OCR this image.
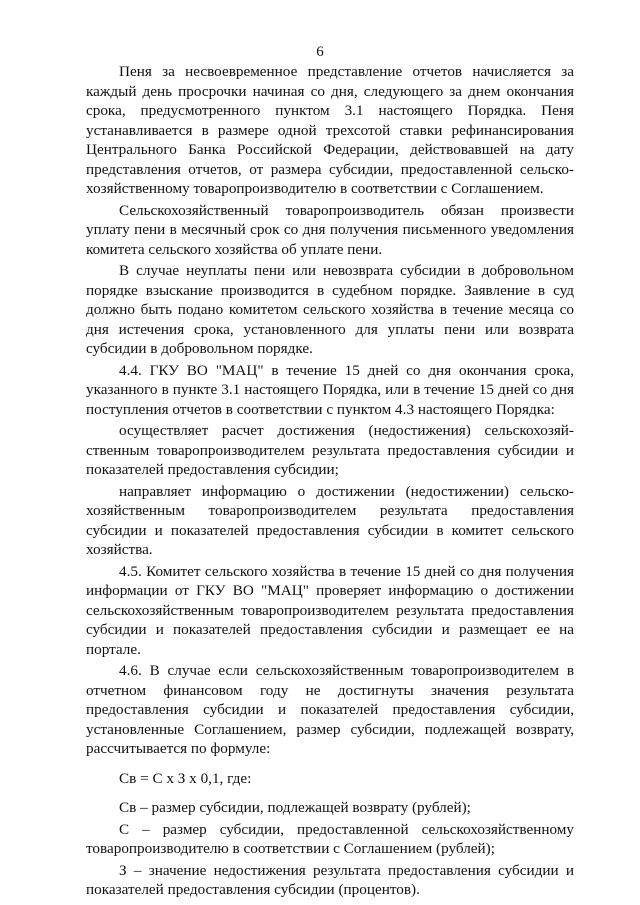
6

Пеня за несвоевременное представление отчетов начисляется за каждый день просрочки начиная со дня, следующего за днем окончания срока, предусмотренного пунктом 3.1 настоящего Порядка. Пеня устанавливается в размере одной трехсотой ставки рефинансирования Центрального Банка Российской Федерации, действовавшей на дату представления отчетов, от размера субсидии, предоставленной сельско-хозяйственному товаропроизводителю в соответствии с Соглашением.

Сельскохозяйственный товаропроизводитель обязан произвести уплату пени в месячный срок со дня получения письменного уведомления комитета сельского хозяйства об уплате пени.

В случае неуплаты пени или невозврата субсидии в добровольном порядке взыскание производится в судебном порядке. Заявление в суд должно быть подано комитетом сельского хозяйства в течение месяца со дня истечения срока, установленного для уплаты пени или возврата субсидии в добровольном порядке.

4.4. ГКУ ВО "МАЦ" в течение 15 дней со дня окончания срока, указанного в пункте 3.1 настоящего Порядка, или в течение 15 дней со дня поступления отчетов в соответствии с пунктом 4.3 настоящего Порядка:

осуществляет расчет достижения (недостижения) сельскохозяй-ственным товаропроизводителем результата предоставления субсидии и показателей предоставления субсидии;

направляет информацию о достижении (недостижении) сельско-хозяйственным товаропроизводителем результата предоставления субсидии и показателей предоставления субсидии в комитет сельского хозяйства.

4.5. Комитет сельского хозяйства в течение 15 дней со дня получения информации от ГКУ ВО "МАЦ" проверяет информацию о достижении сельскохозяйственным товаропроизводителем результата предоставления субсидии и показателей предоставления субсидии и размещает ее на портале.

4.6. В случае если сельскохозяйственным товаропроизводителем в отчетном финансовом году не достигнуты значения результата предоставления субсидии и показателей предоставления субсидии, установленные Соглашением, размер субсидии, подлежащей возврату, рассчитывается по формуле:

Св = С х З х 0,1, где:

Св – размер субсидии, подлежащей возврату (рублей);

С – размер субсидии, предоставленной сельскохозяйственному товаропроизводителю в соответствии с Соглашением (рублей);

З – значение недостижения результата предоставления субсидии и показателей предоставления субсидии (процентов).
